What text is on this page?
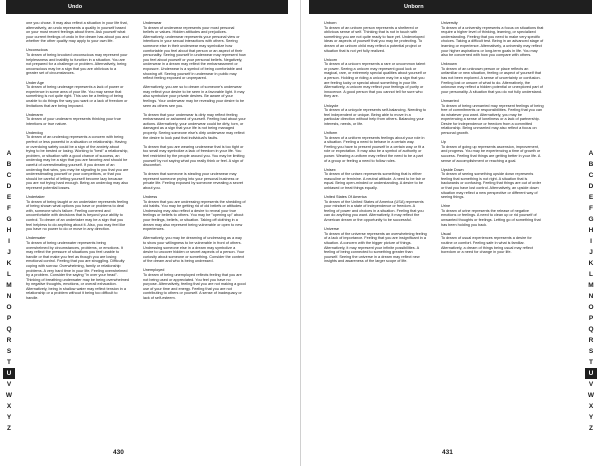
Undo
one you chose. It may also reflect a situation in your life that, alternatively, an undo represents a quality in yourself based on your most recent feelings about them. Ask yourself what your current feelings of undo in the dream has about you and whether the other quality may apply to your own life.
Unconscious
To dream of being knocked unconscious may represent your helplessness and inability to function in a situation. You are not prepared for a challenge or problem. Alternatively, being unconscious may be a sign that you are oblivious to a greater set of circumstances.
Under Age
To dream of being underage represents a lack of power or experience in some area of your life. You may sense that something is not quite right. This can be a feeling of being unable to do things the way you want or a lack of freedom or limitations that are being imposed.
Underarm
To dream of your underarm represents thinking your true intentions or true nature.
Underdog
To dream of an underdog represents a concern with being perfect or less powerful in a situation or relationship. Having or overdoing safety could be a sign of the anxiety about trying to be bested or losing. Working to "best" a relationship, problem, or situation with a good chance of success, an underdog may be a sign that you are favoring and should be careful of overestimating yourself. If you dream of an underdog that wins, you may be signaling to you that you are underestimating yourself or your competitors, or that you should be careful of letting yourself become lazy because you are not trying hard enough. Being an underdog may also represent potential losses.
Undertaker
To dream of being taught or an undertaker represents feeling of being shown what options you have or problems to deal with, someone who's failure. Feeling cornered and uncomfortable with decisions that is beyond your ability to control. To dream of an undertaker may be a sign that you feel helpless to do anything about it. Also, you may feel like you have no power to do or move in any direction.
Underwater
To dream of being underwater represents being overwhelmed by circumstances, problems, or emotions. It may reflect the pressure of situations you feel unable to handle or that make you feel as though you are losing emotional control. Feeling that you are struggling. Difficulty coping with sorrow. Overwhelming, family or relationship problems. A very hard time in your life. Feeling overwhelmed by a problem. Consider the saying "in over your head". Thinking of breathing underwater may be being overwhelmed by negative thoughts, emotions, or overall exhaustion. Alternatively, being in shallow water may reflect tension in a relationship or a problem without it being too difficult to handle.
Underwear
To dream of underwear represents your most personal beliefs or values. Hidden attitudes and prejudices. Alternatively, underwear represents your personal view or intentions in your sexual interactions with others. Seeing someone else in their underwear may symbolize how comfortable you feel about that person or an aspect of their personality. Seeing yourself in underwear may represent how you feel about yourself or your personal beliefs. Negatively, underwear in a dream may reflect the embarrassment or exposure. Underwear is a symbol of being comfortable and showing off. Seeing yourself in underwear in public may reflect feeling exposed or unprepared.
Alternatively, you are so to dream of someone's underwear may reflect your desire to be seen in a favorable light. It may also symbolize your private desires. Be aware of your feelings. Your underwear may be revealing your desire to be seen as others see you.
To dream that your underwear is dirty may reflect feeling embarrassed or ashamed of yourself. Feeling bad about your actions. Alternatively, your underwear could be dirty, torn, or damaged as a sign that your life is not being managed properly. Seeing someone else's dirty underwear may reflect the desire to look past that individual's faults.
To dream that you are wearing underwear that is too tight or too small may symbolize a lack of freedom in your life. You feel restricted by the people around you. You may be limiting yourself by not saying what you really think or feel. A sign of discomfort.
To dream that someone is stealing your underwear may represent someone prying into your personal business or private life. Feeling exposed by someone revealing a secret about you.
Undress
To dream that you are undressing represents the shedding of old habits. You may be getting rid of old beliefs or attitudes. Undressing may also reflect a desire to reveal your true feelings or beliefs to others. You may be "opening up" about your feelings, beliefs, or situation. Taking off clothing in a dream may also represent being vulnerable or open to new experiences.
Alternatively, you may be dreaming of undressing as a way to show your willingness to be vulnerable in front of others. Undressing someone else in a dream may symbolize a desire to uncover hidden or secret aspects of a person. Your curiosity about someone or something. Consider the context of the dream and who is being undressed.
Unemployed
To dream of being unemployed reflects feeling that you are not being used or appreciated. You feel you have no purpose. Alternatively, feeling that you are not making a good use of your time and energy. Feeling that you are not contributing to others or yourself. A sense of inadequacy or lack of self-esteem.
A
B
C
D
E
F
G
H
I
J
K
L
M
N
O
P
Q
R
S
T
U
V
W
X
Y
Z
430
Unborn
Unborn
To dream of an unborn person represents a sheltered or oblivious sense of self. Thinking that is not in touch with something you are not quite ready to face yet. Undeveloped ideas or aspects of yourself that you may be protecting. To dream of an unborn child may reflect a potential project or situation that is not yet fully realized.
Unicorn
To dream of a unicorn represents a rare or uncommon talent or power. Seeing a unicorn may represent good luck or magical, rare, or extremely special qualities about yourself or a person. Holding or riding a unicorn may be a sign that you are feeling lucky or special about something in your life. Alternatively, a unicorn may reflect your feelings of purity or innocence. A good person that you cannot tell for sure who they are.
Unicycle
To dream of a unicycle represents self-balancing. Needing to feel independent or unique. Being able to move in a particular direction without help from others. Balancing your interests, needs, or life.
Uniform
To dream of a uniform represents feelings about your role in a situation. Feeling a need to behave in a certain way. Feeling you have to present yourself in a certain way or fit a role or expectation. It may also be a symbol of authority or power. Wearing a uniform may reflect the need to be a part of a group or feeling a need to follow rules.
Unisex
To dream of the unisex represents something that is either masculine or feminine. A neutral attitude. A need to be fair or equal. Being open-minded or understanding. A desire to be unbiased or treat things equally.
United States Of America
To dream of the United States of America (USA) represents your mindset in a state of independence or freedom. A feeling of power and choices in a situation. Feeling that you can do anything you want. Alternatively, it may reflect the American dream or the opportunity to be successful.
Universe
To dream of the universe represents an overwhelming feeling of a lack of importance. Feeling that you are insignificant in a situation. A concern with the bigger picture of things. Alternatively, it may represent your infinite possibilities. A feeling of being connected to something greater than yourself. Seeing the universe in a dream may reflect new insights and awareness of the larger scope of life.
University
To dream of a university represents a focus on situations that require a higher level of thinking, learning, or specialized understanding. Feeling that you need to make very specific choices. Taking a difficult test. Being in an advanced stage of learning or experience. Alternatively, a university may reflect your higher aspirations or long-term goals in life. You may also be concerned with how you compare with others.
Unknown
To dream of an unknown person or place reflects an unfamiliar or new situation, feeling or aspect of yourself that has not been explored. A sense of uncertainty or confusion. Feeling lost or unsure of what to do. Alternatively, the unknown may reflect a hidden potential or unexplored part of your personality. A situation that you do not fully understand.
Unmarried
To dream of being unmarried may represent feelings of being free of commitments or responsibilities. Feeling that you can do whatever you want. Alternatively, you may be experiencing a sense of loneliness or a lack of partnership. Desire for independence or freedom from a committed relationship. Being unmarried may also reflect a focus on personal growth.
Up
To dream of going up represents ascension, improvement, and progress. You may be experiencing a time of growth or success. Feeling that things are getting better in your life. A sense of accomplishment or reaching a goal.
Upside Down
To dream of seeing something upside down represents feeling that something is not right. A situation that is backwards or confusing. Feeling that things are out of order or that you have lost control. Alternatively, an upside down situation may reflect a new perspective or different way of seeing things.
Urine
To dream of urine represents the release of negative emotions or feelings. A need to clean up or rid yourself of unwanted thoughts or feelings. Letting go of something that has been holding you back.
Usual
To dream of usual experiences represents a desire for routine or comfort. Feeling safe in what is familiar. Alternatively, a dream of things being usual may reflect boredom or a need for change in your life.
A
B
C
D
E
F
G
H
I
J
K
L
M
N
O
P
Q
R
S
T
U
V
W
X
Y
Z
431
